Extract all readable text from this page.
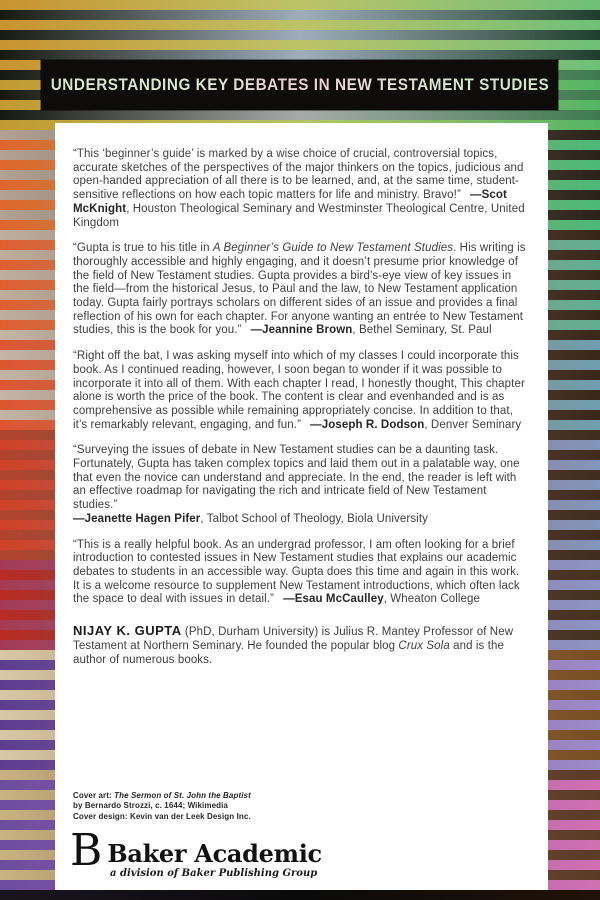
UNDERSTANDING KEY DEBATES IN NEW TESTAMENT STUDIES

“This ‘beginner’s guide’ is marked by a wise choice of crucial, controversial topics, accurate sketches of the perspectives of the major thinkers on the topics, judicious and open-handed appreciation of all there is to be learned, and, at the same time, student-sensitive reflections on how each topic matters for life and ministry. Bravo!”  —Scot McKnight, Houston Theological Seminary and Westminster Theological Centre, United Kingdom

“Gupta is true to his title in A Beginner’s Guide to New Testament Studies. His writing is thoroughly accessible and highly engaging, and it doesn’t presume prior knowledge of the field of New Testament studies. Gupta provides a bird’s-eye view of key issues in the field—from the historical Jesus, to Paul and the law, to New Testament application today. Gupta fairly portrays scholars on different sides of an issue and provides a final reflection of his own for each chapter. For anyone wanting an entrée to New Testament studies, this is the book for you.”  —Jeannine Brown, Bethel Seminary, St. Paul

“Right off the bat, I was asking myself into which of my classes I could incorporate this book. As I continued reading, however, I soon began to wonder if it was possible to incorporate it into all of them. With each chapter I read, I honestly thought, This chapter alone is worth the price of the book. The content is clear and evenhanded and is as comprehensive as possible while remaining appropriately concise. In addition to that, it’s remarkably relevant, engaging, and fun.”  —Joseph R. Dodson, Denver Seminary

“Surveying the issues of debate in New Testament studies can be a daunting task. Fortunately, Gupta has taken complex topics and laid them out in a palatable way, one that even the novice can understand and appreciate. In the end, the reader is left with an effective roadmap for navigating the rich and intricate field of New Testament studies.”
—Jeanette Hagen Pifer, Talbot School of Theology, Biola University

“This is a really helpful book. As an undergrad professor, I am often looking for a brief introduction to contested issues in New Testament studies that explains our academic debates to students in an accessible way. Gupta does this time and again in this work. It is a welcome resource to supplement New Testament introductions, which often lack the space to deal with issues in detail.”  —Esau McCaulley, Wheaton College

NIJAY K. GUPTA (PhD, Durham University) is Julius R. Mantey Professor of New Testament at Northern Seminary. He founded the popular blog Crux Sola and is the author of numerous books.

Cover art: The Sermon of St. John the Baptist
by Bernardo Strozzi, c. 1644; Wikimedia
Cover design: Kevin van der Leek Design Inc.
B Baker Academic
a division of Baker Publishing Group
